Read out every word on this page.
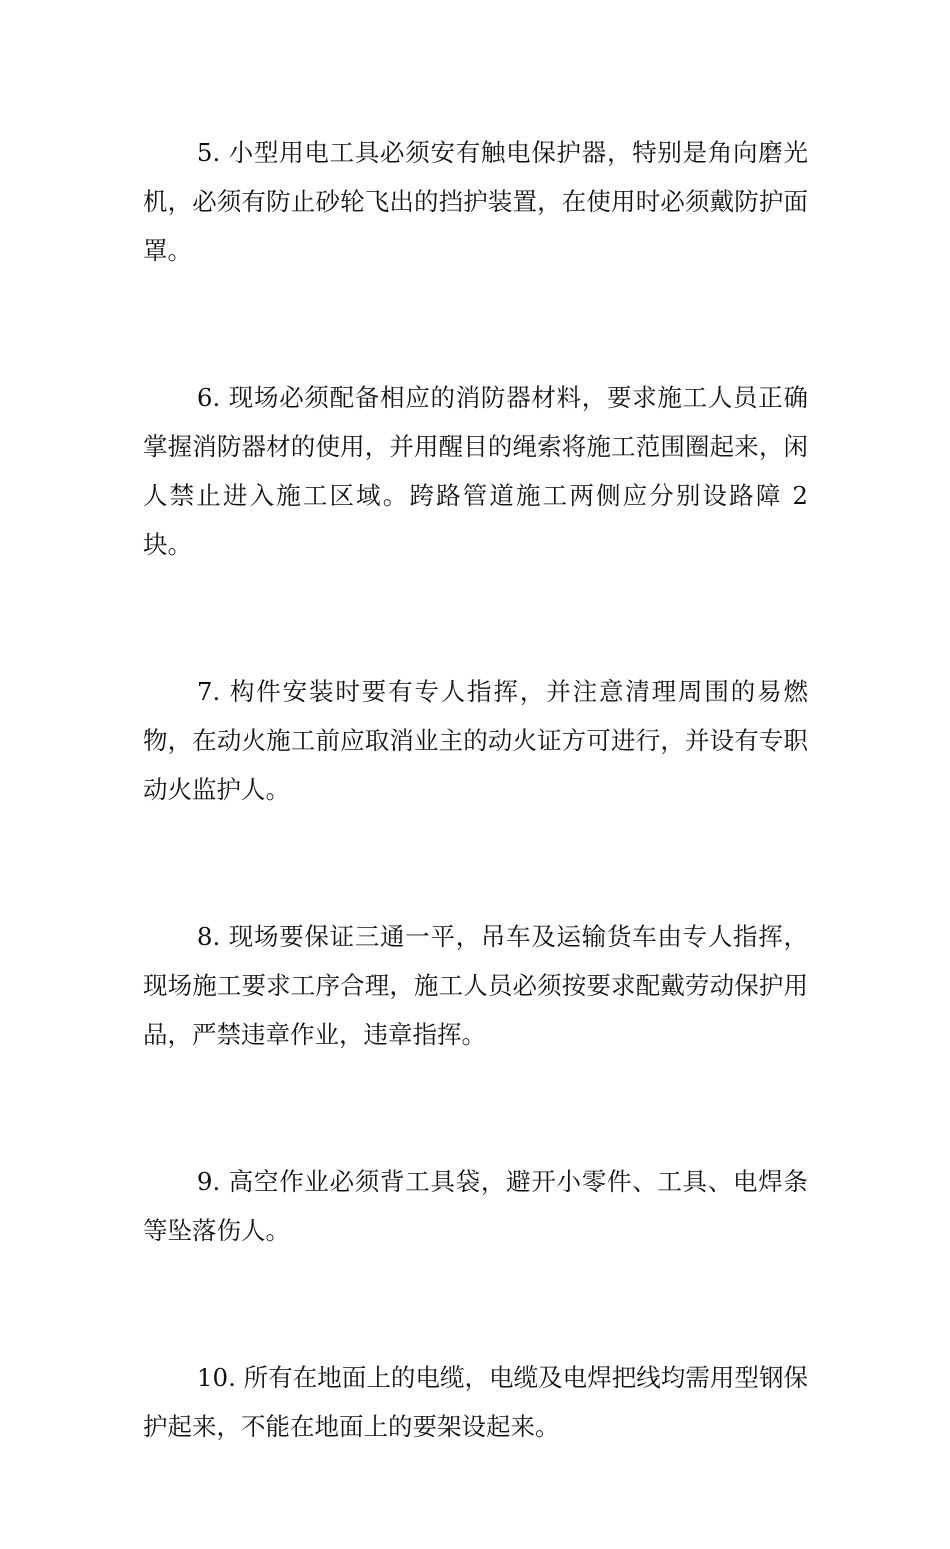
5. 小型用电工具必须安有触电保护器，特别是角向磨光机，必须有防止砂轮飞出的挡护装置，在使用时必须戴防护面罩。

6. 现场必须配备相应的消防器材料，要求施工人员正确掌握消防器材的使用，并用醒目的绳索将施工范围圈起来，闲人禁止进入施工区域。跨路管道施工两侧应分别设路障 2 块。

7. 构件安装时要有专人指挥，并注意清理周围的易燃物，在动火施工前应取消业主的动火证方可进行，并设有专职动火监护人。

8. 现场要保证三通一平，吊车及运输货车由专人指挥，现场施工要求工序合理，施工人员必须按要求配戴劳动保护用品，严禁违章作业，违章指挥。

9. 高空作业必须背工具袋，避开小零件、工具、电焊条等坠落伤人。

10. 所有在地面上的电缆，电缆及电焊把线均需用型钢保护起来，不能在地面上的要架设起来。
